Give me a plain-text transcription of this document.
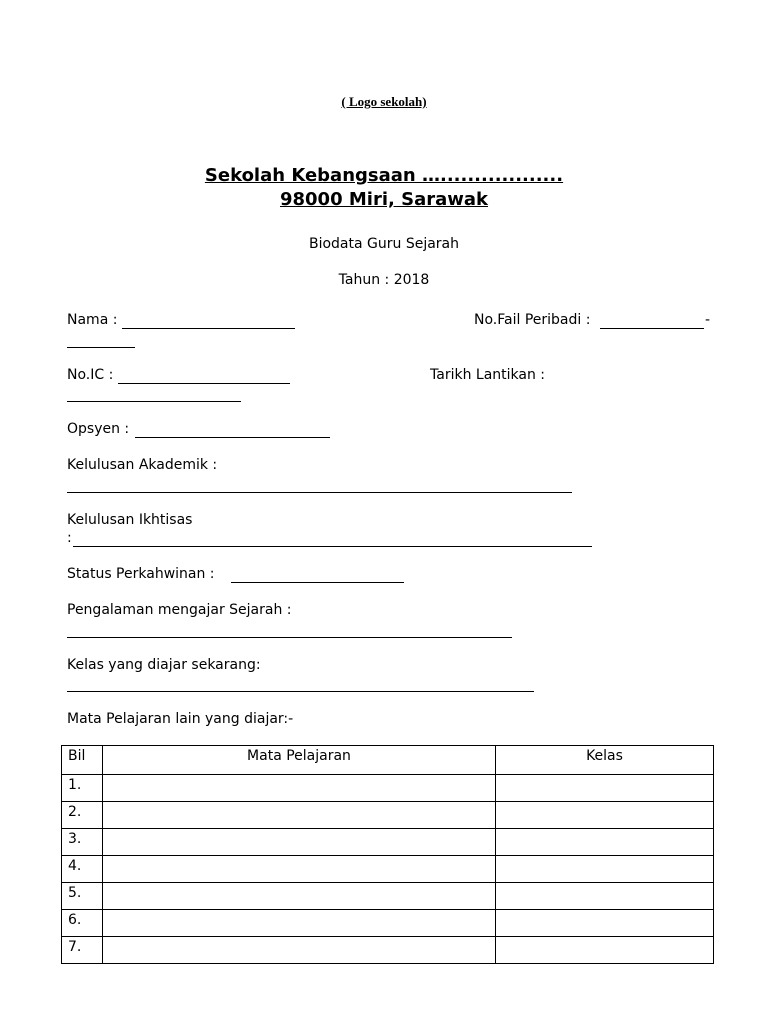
( Logo sekolah)
Sekolah Kebangsaan …..................
98000 Miri, Sarawak
Biodata Guru Sejarah
Tahun : 2018
Nama :	No.Fail Peribadi :	-
No.IC :	Tarikh Lantikan :
Opsyen :
Kelulusan Akademik :
Kelulusan Ikhtisas
:
Status Perkahwinan :
Pengalaman mengajar Sejarah :
Kelas yang diajar sekarang:
Mata Pelajaran lain yang diajar:-
Bil	Mata Pelajaran	Kelas
1.		
2.		
3.		
4.		
5.		
6.		
7.		
